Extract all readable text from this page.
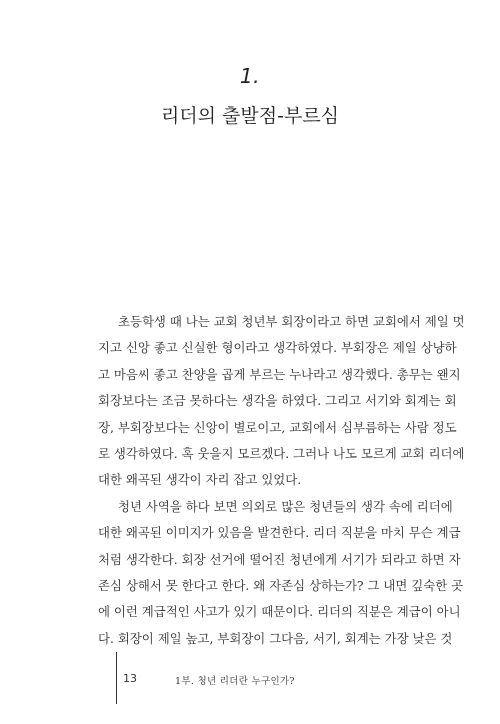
1.
리더의 출발점-부르심
초등학생 때 나는 교회 청년부 회장이라고 하면 교회에서 제일 멋
지고 신앙 좋고 신실한 형이라고 생각하였다. 부회장은 제일 상냥하
고 마음씨 좋고 찬양을 곱게 부르는 누나라고 생각했다. 총무는 왠지
회장보다는 조금 못하다는 생각을 하였다. 그리고 서기와 회계는 회
장, 부회장보다는 신앙이 별로이고, 교회에서 심부름하는 사람 정도
로 생각하였다. 혹 웃을지 모르겠다. 그러나 나도 모르게 교회 리더에
대한 왜곡된 생각이 자리 잡고 있었다.
청년 사역을 하다 보면 의외로 많은 청년들의 생각 속에 리더에
대한 왜곡된 이미지가 있음을 발견한다. 리더 직분을 마치 무슨 계급
처럼 생각한다. 회장 선거에 떨어진 청년에게 서기가 되라고 하면 자
존심 상해서 못 한다고 한다. 왜 자존심 상하는가? 그 내면 깊숙한 곳
에 이런 계급적인 사고가 있기 때문이다. 리더의 직분은 계급이 아니
다. 회장이 제일 높고, 부회장이 그다음, 서기, 회계는 가장 낮은 것
13	1부. 청년 리더란 누구인가?
